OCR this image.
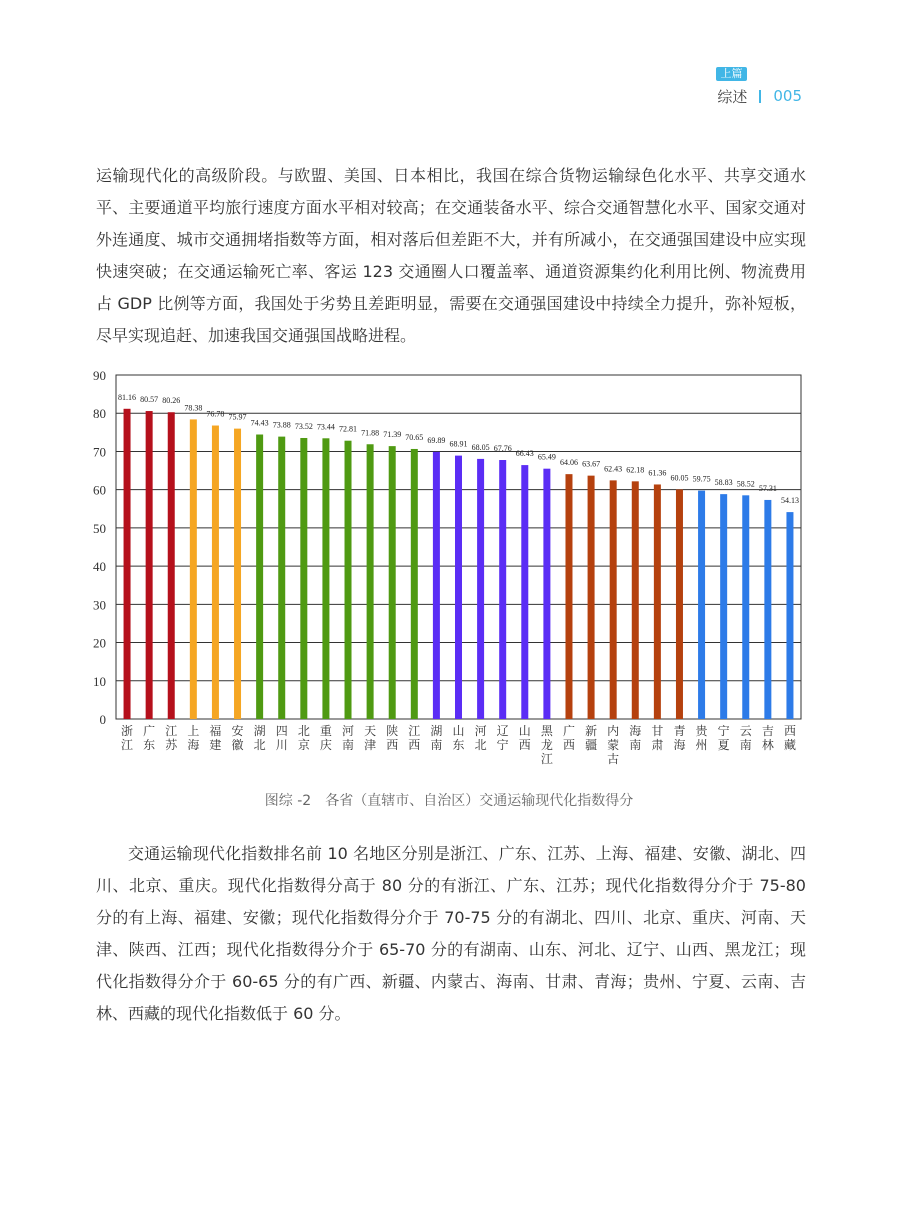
上篇
综述 005

运输现代化的高级阶段。与欧盟、美国、日本相比，我国在综合货物运输绿色化水平、共享交通水平、主要通道平均旅行速度方面水平相对较高；在交通装备水平、综合交通智慧化水平、国家交通对外连通度、城市交通拥堵指数等方面，相对落后但差距不大，并有所减小，在交通强国建设中应实现快速突破；在交通运输死亡率、客运 123 交通圈人口覆盖率、通道资源集约化利用比例、物流费用占 GDP 比例等方面，我国处于劣势且差距明显，需要在交通强国建设中持续全力提升，弥补短板，尽早实现追赶、加速我国交通强国战略进程。

0
10
20
30
40
50
60
70
80
90
81.16
浙江
80.57
广东
80.26
江苏
78.38
上海
76.78
福建
75.97
安徽
74.43
湖北
73.88
四川
73.52
北京
73.44
重庆
72.81
河南
71.88
天津
71.39
陕西
70.65
江西
69.89
湖南
68.91
山东
68.05
河北
67.76
辽宁
66.43
山西
65.49
黑龙江
64.06
广西
63.67
新疆
62.43
内蒙古
62.18
海南
61.36
甘肃
60.05
青海
59.75
贵州
58.83
宁夏
58.52
云南
57.31
吉林
54.13
西藏
图综 -2　各省（直辖市、自治区）交通运输现代化指数得分

交通运输现代化指数排名前 10 名地区分别是浙江、广东、江苏、上海、福建、安徽、湖北、四川、北京、重庆。现代化指数得分高于 80 分的有浙江、广东、江苏；现代化指数得分介于 75-80 分的有上海、福建、安徽；现代化指数得分介于 70-75 分的有湖北、四川、北京、重庆、河南、天津、陕西、江西；现代化指数得分介于 65-70 分的有湖南、山东、河北、辽宁、山西、黑龙江；现代化指数得分介于 60-65 分的有广西、新疆、内蒙古、海南、甘肃、青海；贵州、宁夏、云南、吉林、西藏的现代化指数低于 60 分。
